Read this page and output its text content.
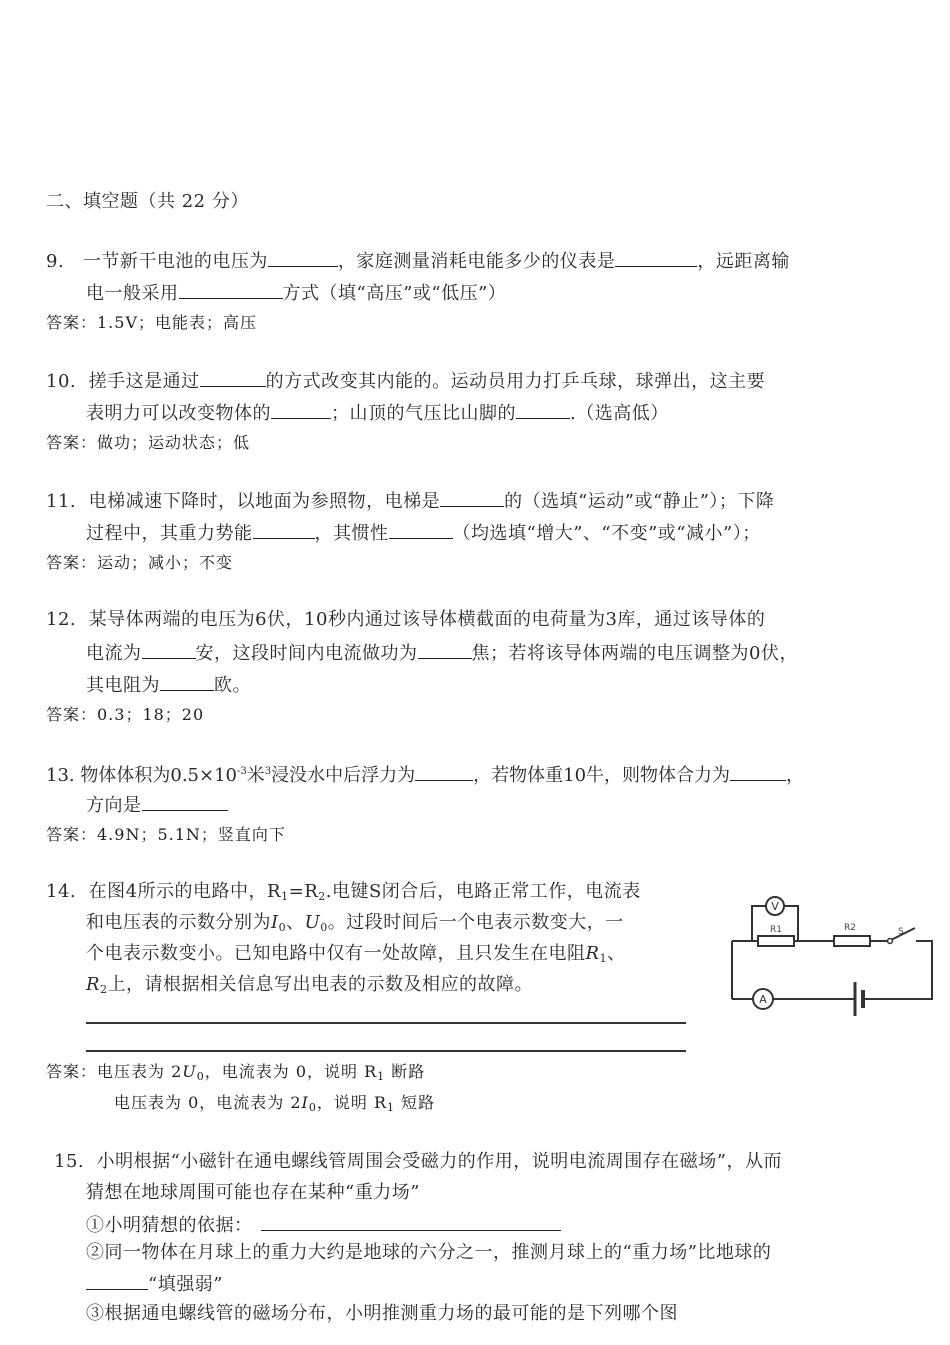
二、填空题（共 22 分）
9. 一节新干电池的电压为	，家庭测量消耗电能多少的仪表是	，远距离输
电一般采用	方式（填“高压”或“低压”）
答案：1.5V；电能表；高压
10. 搓手这是通过	的方式改变其内能的。运动员用力打乒乓球，球弹出，这主要
表明力可以改变物体的	；山顶的气压比山脚的	.（选高低）
答案：做功；运动状态；低
11. 电梯减速下降时，以地面为参照物，电梯是	的（选填“运动”或“静止”）；下降
过程中，其重力势能	，其惯性	（均选填“增大”、“不变”或“减小”）；
答案：运动；减小；不变
12. 某导体两端的电压为6伏，10秒内通过该导体横截面的电荷量为3库，通过该导体的
电流为	安，这段时间内电流做功为	焦；若将该导体两端的电压调整为0伏，
其电阻为	欧。
答案：0.3；18；20
13. 物体体积为$0.5\times 10^{-3}$米$^3$浸没水中后浮力为	，若物体重10牛，则物体合力为	，
方向是
答案：4.9N；5.1N；竖直向下
14. 在图4所示的电路中，$R_1=R_2$.电键S闭合后，电路正常工作，电流表
和电压表的示数分别为$I_0$、$U_0$。过段时间后一个电表示数变大，一
个电表示数变小。已知电路中仅有一处故障，且只发生在电阻$R_1$、
$R_2$上，请根据相关信息写出电表的示数及相应的故障。
答案：电压表为 $2U_0$，电流表为 0，说明 $R_1$ 断路
电压表为 0，电流表为 $2I_0$，说明 $R_1$ 短路
V
A
R1	R2	S
15. 小明根据“小磁针在通电螺线管周围会受磁力的作用，说明电流周围存在磁场”，从而
猜想在地球周围可能也存在某种“重力场”
①小明猜想的依据：
②同一物体在月球上的重力大约是地球的六分之一，推测月球上的“重力场”比地球的
“填强弱”
③根据通电螺线管的磁场分布，小明推测重力场的最可能的是下列哪个图
